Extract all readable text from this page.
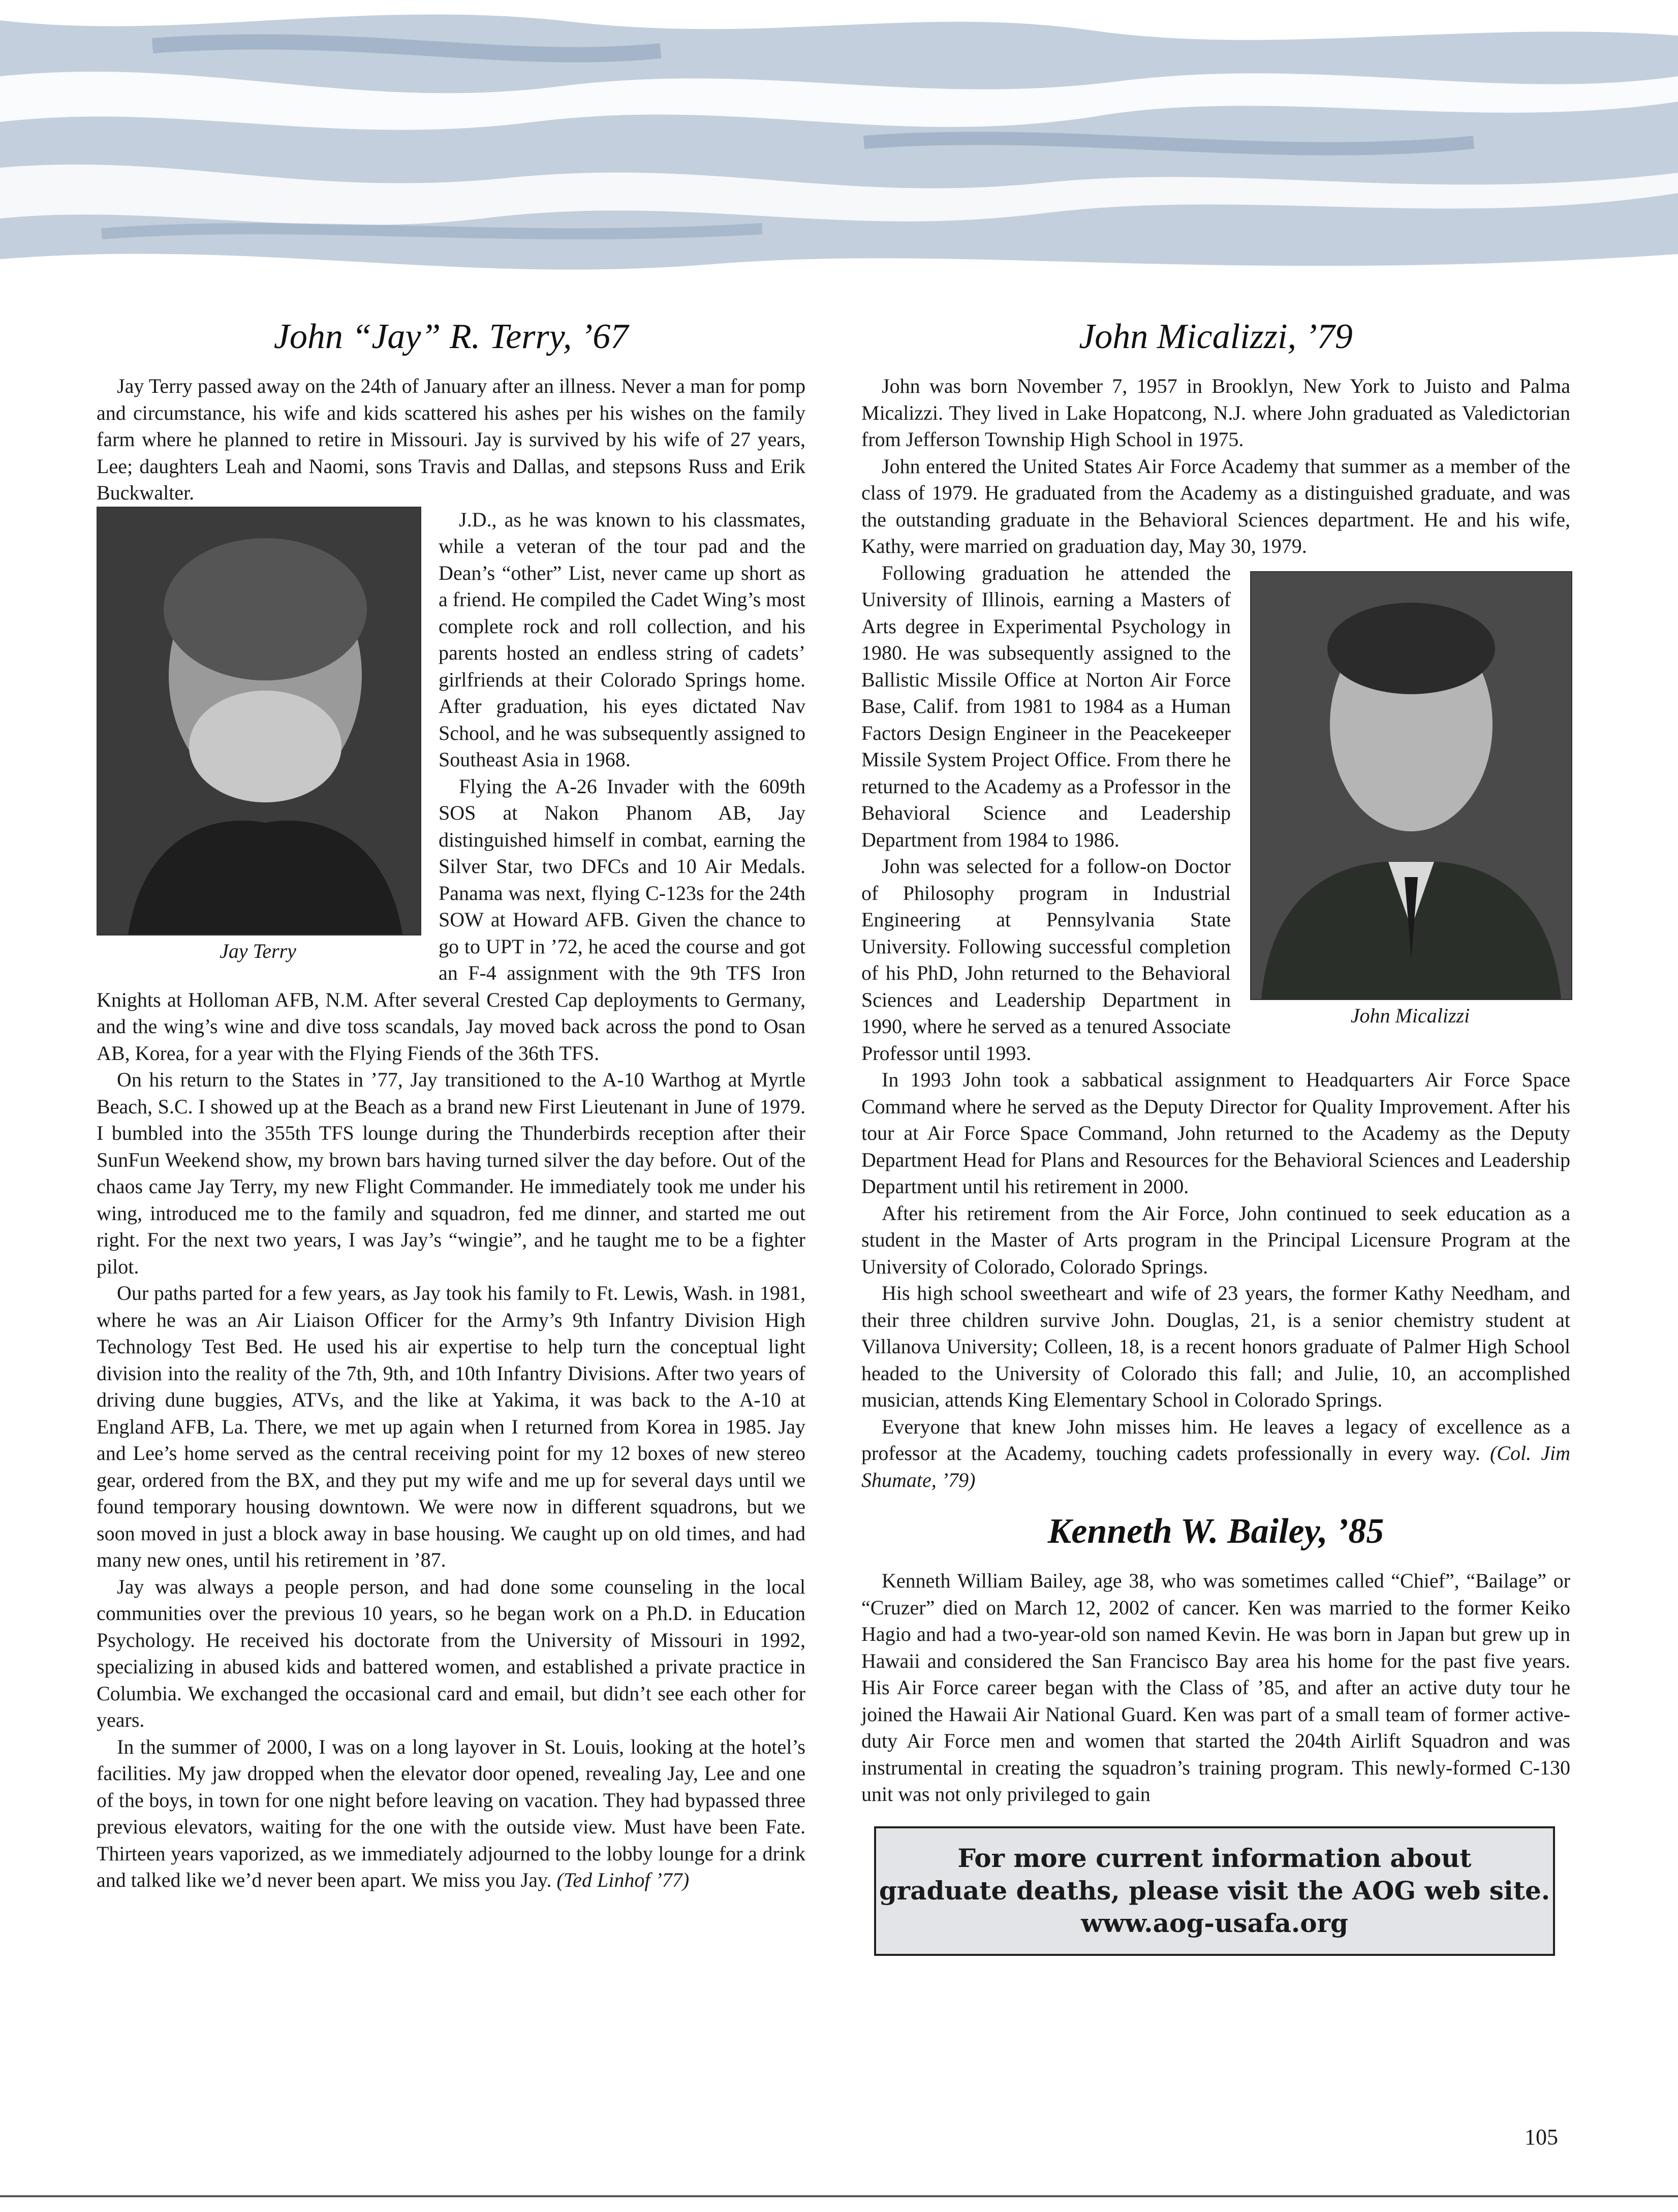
John “Jay” R. Terry, ’67

Jay Terry passed away on the 24th of January after an illness. Never a man for pomp and circumstance, his wife and kids scattered his ashes per his wishes on the family farm where he planned to retire in Missouri. Jay is survived by his wife of 27 years, Lee; daughters Leah and Naomi, sons Travis and Dallas, and stepsons Russ and Erik Buckwalter.

Jay Terry

J.D., as he was known to his classmates, while a veteran of the tour pad and the Dean’s “other” List, never came up short as a friend. He compiled the Cadet Wing’s most complete rock and roll collection, and his parents hosted an endless string of cadets’ girlfriends at their Colorado Springs home. After graduation, his eyes dictated Nav School, and he was subsequently assigned to Southeast Asia in 1968.

Flying the A-26 Invader with the 609th SOS at Nakon Phanom AB, Jay distinguished himself in combat, earning the Silver Star, two DFCs and 10 Air Medals. Panama was next, flying C-123s for the 24th SOW at Howard AFB. Given the chance to go to UPT in ’72, he aced the course and got an F-4 assignment with the 9th TFS Iron Knights at Holloman AFB, N.M. After several Crested Cap deployments to Germany, and the wing’s wine and dive toss scandals, Jay moved back across the pond to Osan AB, Korea, for a year with the Flying Fiends of the 36th TFS.

On his return to the States in ’77, Jay transitioned to the A-10 Warthog at Myrtle Beach, S.C. I showed up at the Beach as a brand new First Lieutenant in June of 1979. I bumbled into the 355th TFS lounge during the Thunderbirds reception after their SunFun Weekend show, my brown bars having turned silver the day before. Out of the chaos came Jay Terry, my new Flight Commander. He immediately took me under his wing, introduced me to the family and squadron, fed me dinner, and started me out right. For the next two years, I was Jay’s “wingie”, and he taught me to be a fighter pilot.

Our paths parted for a few years, as Jay took his family to Ft. Lewis, Wash. in 1981, where he was an Air Liaison Officer for the Army’s 9th Infantry Division High Technology Test Bed. He used his air expertise to help turn the conceptual light division into the reality of the 7th, 9th, and 10th Infantry Divisions. After two years of driving dune buggies, ATVs, and the like at Yakima, it was back to the A-10 at England AFB, La. There, we met up again when I returned from Korea in 1985. Jay and Lee’s home served as the central receiving point for my 12 boxes of new stereo gear, ordered from the BX, and they put my wife and me up for several days until we found temporary housing downtown. We were now in different squadrons, but we soon moved in just a block away in base housing. We caught up on old times, and had many new ones, until his retirement in ’87.

Jay was always a people person, and had done some counseling in the local communities over the previous 10 years, so he began work on a Ph.D. in Education Psychology. He received his doctorate from the University of Missouri in 1992, specializing in abused kids and battered women, and established a private practice in Columbia. We exchanged the occasional card and email, but didn’t see each other for years.

In the summer of 2000, I was on a long layover in St. Louis, looking at the hotel’s facilities. My jaw dropped when the elevator door opened, revealing Jay, Lee and one of the boys, in town for one night before leaving on vacation. They had bypassed three previous elevators, waiting for the one with the outside view. Must have been Fate. Thirteen years vaporized, as we immediately adjourned to the lobby lounge for a drink and talked like we’d never been apart. We miss you Jay. (Ted Linhof ’77)

John Micalizzi, ’79

John was born November 7, 1957 in Brooklyn, New York to Juisto and Palma Micalizzi. They lived in Lake Hopatcong, N.J. where John graduated as Valedictorian from Jefferson Township High School in 1975.

John entered the United States Air Force Academy that summer as a member of the class of 1979. He graduated from the Academy as a distinguished graduate, and was the outstanding graduate in the Behavioral Sciences department. He and his wife, Kathy, were married on graduation day, May 30, 1979.

John Micalizzi

Following graduation he attended the University of Illinois, earning a Masters of Arts degree in Experimental Psychology in 1980. He was subsequently assigned to the Ballistic Missile Office at Norton Air Force Base, Calif. from 1981 to 1984 as a Human Factors Design Engineer in the Peacekeeper Missile System Project Office. From there he returned to the Academy as a Professor in the Behavioral Science and Leadership Department from 1984 to 1986.

John was selected for a follow-on Doctor of Philosophy program in Industrial Engineering at Pennsylvania State University. Following successful completion of his PhD, John returned to the Behavioral Sciences and Leadership Department in 1990, where he served as a tenured Associate Professor until 1993.

In 1993 John took a sabbatical assignment to Headquarters Air Force Space Command where he served as the Deputy Director for Quality Improvement. After his tour at Air Force Space Command, John returned to the Academy as the Deputy Department Head for Plans and Resources for the Behavioral Sciences and Leadership Department until his retirement in 2000.

After his retirement from the Air Force, John continued to seek education as a student in the Master of Arts program in the Principal Licensure Program at the University of Colorado, Colorado Springs.

His high school sweetheart and wife of 23 years, the former Kathy Needham, and their three children survive John. Douglas, 21, is a senior chemistry student at Villanova University; Colleen, 18, is a recent honors graduate of Palmer High School headed to the University of Colorado this fall; and Julie, 10, an accomplished musician, attends King Elementary School in Colorado Springs.

Everyone that knew John misses him. He leaves a legacy of excellence as a professor at the Academy, touching cadets professionally in every way. (Col. Jim Shumate, ’79)

Kenneth W. Bailey, ’85

Kenneth William Bailey, age 38, who was sometimes called “Chief”, “Bailage” or “Cruzer” died on March 12, 2002 of cancer. Ken was married to the former Keiko Hagio and had a two-year-old son named Kevin. He was born in Japan but grew up in Hawaii and considered the San Francisco Bay area his home for the past five years. His Air Force career began with the Class of ’85, and after an active duty tour he joined the Hawaii Air National Guard. Ken was part of a small team of former active-duty Air Force men and women that started the 204th Airlift Squadron and was instrumental in creating the squadron’s training program. This newly-formed C-130 unit was not only privileged to gain

For more current information about
graduate deaths, please visit the AOG web site.
www.aog-usafa.org
105
